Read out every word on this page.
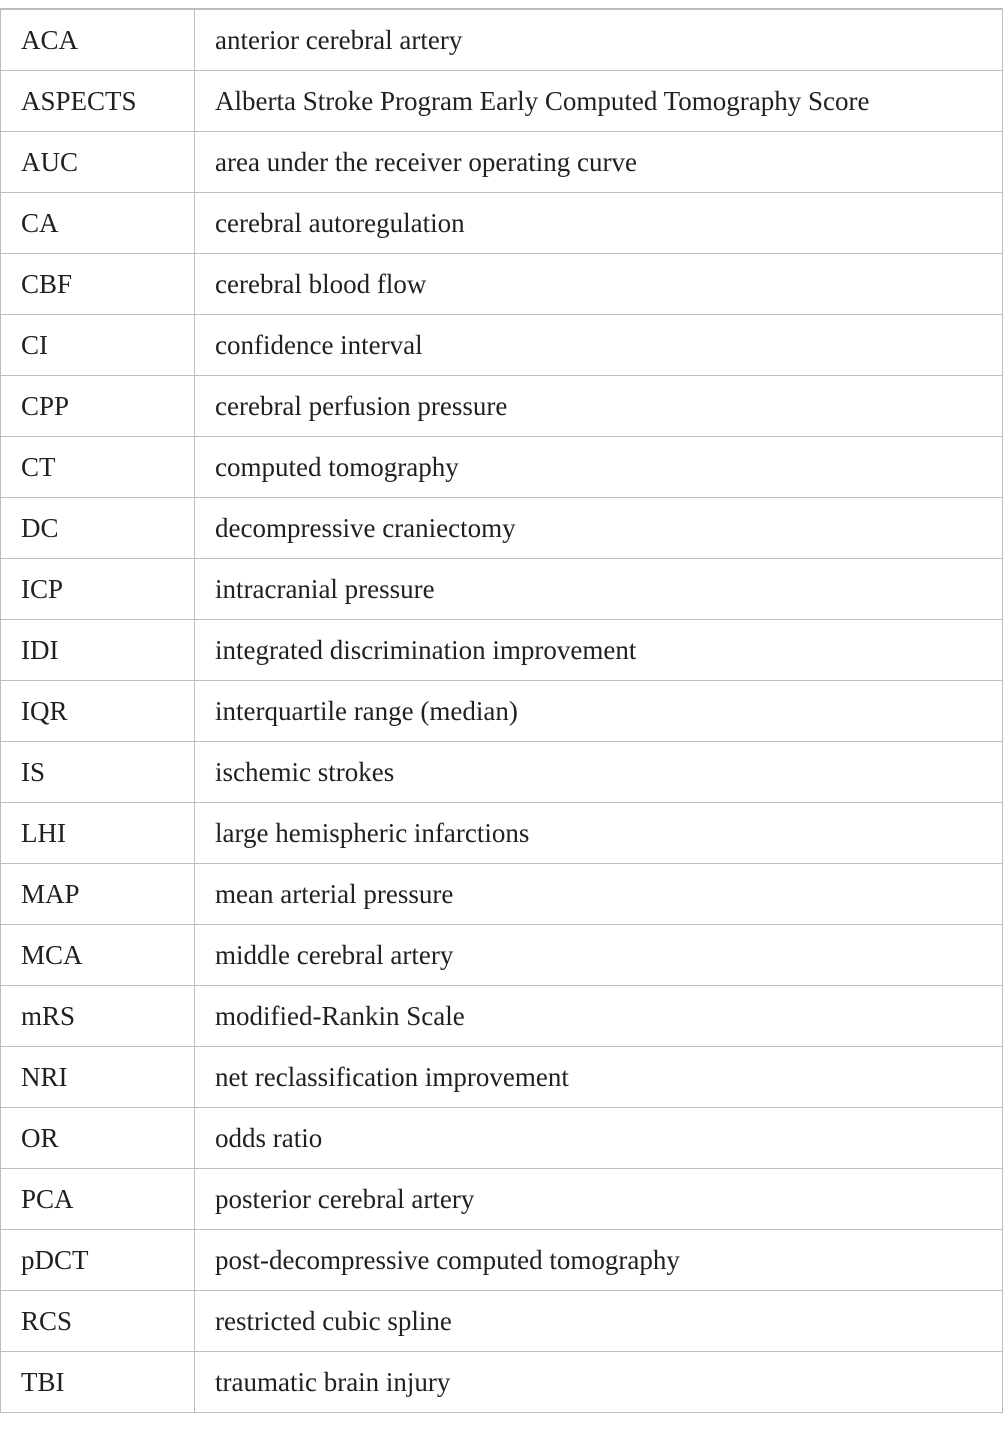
ACA	anterior cerebral artery
ASPECTS	Alberta Stroke Program Early Computed Tomography Score
AUC	area under the receiver operating curve
CA	cerebral autoregulation
CBF	cerebral blood flow
CI	confidence interval
CPP	cerebral perfusion pressure
CT	computed tomography
DC	decompressive craniectomy
ICP	intracranial pressure
IDI	integrated discrimination improvement
IQR	interquartile range (median)
IS	ischemic strokes
LHI	large hemispheric infarctions
MAP	mean arterial pressure
MCA	middle cerebral artery
mRS	modified-Rankin Scale
NRI	net reclassification improvement
OR	odds ratio
PCA	posterior cerebral artery
pDCT	post-decompressive computed tomography
RCS	restricted cubic spline
TBI	traumatic brain injury
